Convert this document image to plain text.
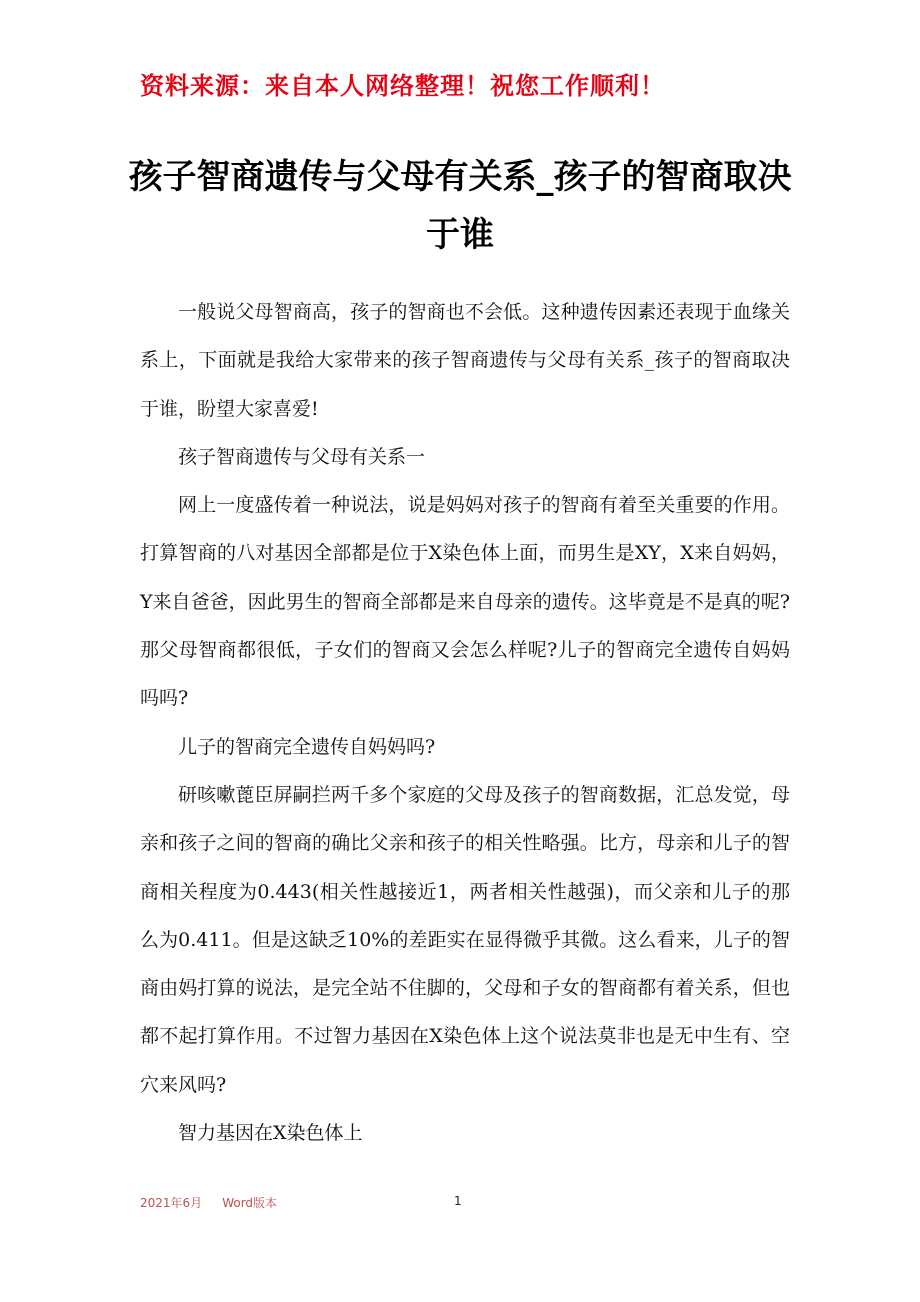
资料来源：来自本人网络整理！祝您工作顺利！
孩子智商遗传与父母有关系_孩子的智商取决于谁

一般说父母智商高，孩子的智商也不会低。这种遗传因素还表现于血缘关系上，下面就是我给大家带来的孩子智商遗传与父母有关系_孩子的智商取决于谁，盼望大家喜爱!

孩子智商遗传与父母有关系一

网上一度盛传着一种说法，说是妈妈对孩子的智商有着至关重要的作用。打算智商的八对基因全部都是位于X染色体上面，而男生是XY，X来自妈妈，Y来自爸爸，因此男生的智商全部都是来自母亲的遗传。这毕竟是不是真的呢?那父母智商都很低，子女们的智商又会怎么样呢?儿子的智商完全遗传自妈妈吗吗?

儿子的智商完全遗传自妈妈吗?

研咳嗽蓖臣屏嗣拦两千多个家庭的父母及孩子的智商数据，汇总发觉，母亲和孩子之间的智商的确比父亲和孩子的相关性略强。比方，母亲和儿子的智商相关程度为0.443(相关性越接近1，两者相关性越强)，而父亲和儿子的那么为0.411。但是这缺乏10%的差距实在显得微乎其微。这么看来，儿子的智商由妈打算的说法，是完全站不住脚的，父母和子女的智商都有着关系，但也都不起打算作用。不过智力基因在X染色体上这个说法莫非也是无中生有、空穴来风吗?

智力基因在X染色体上

2021年6月 Word版本	1
